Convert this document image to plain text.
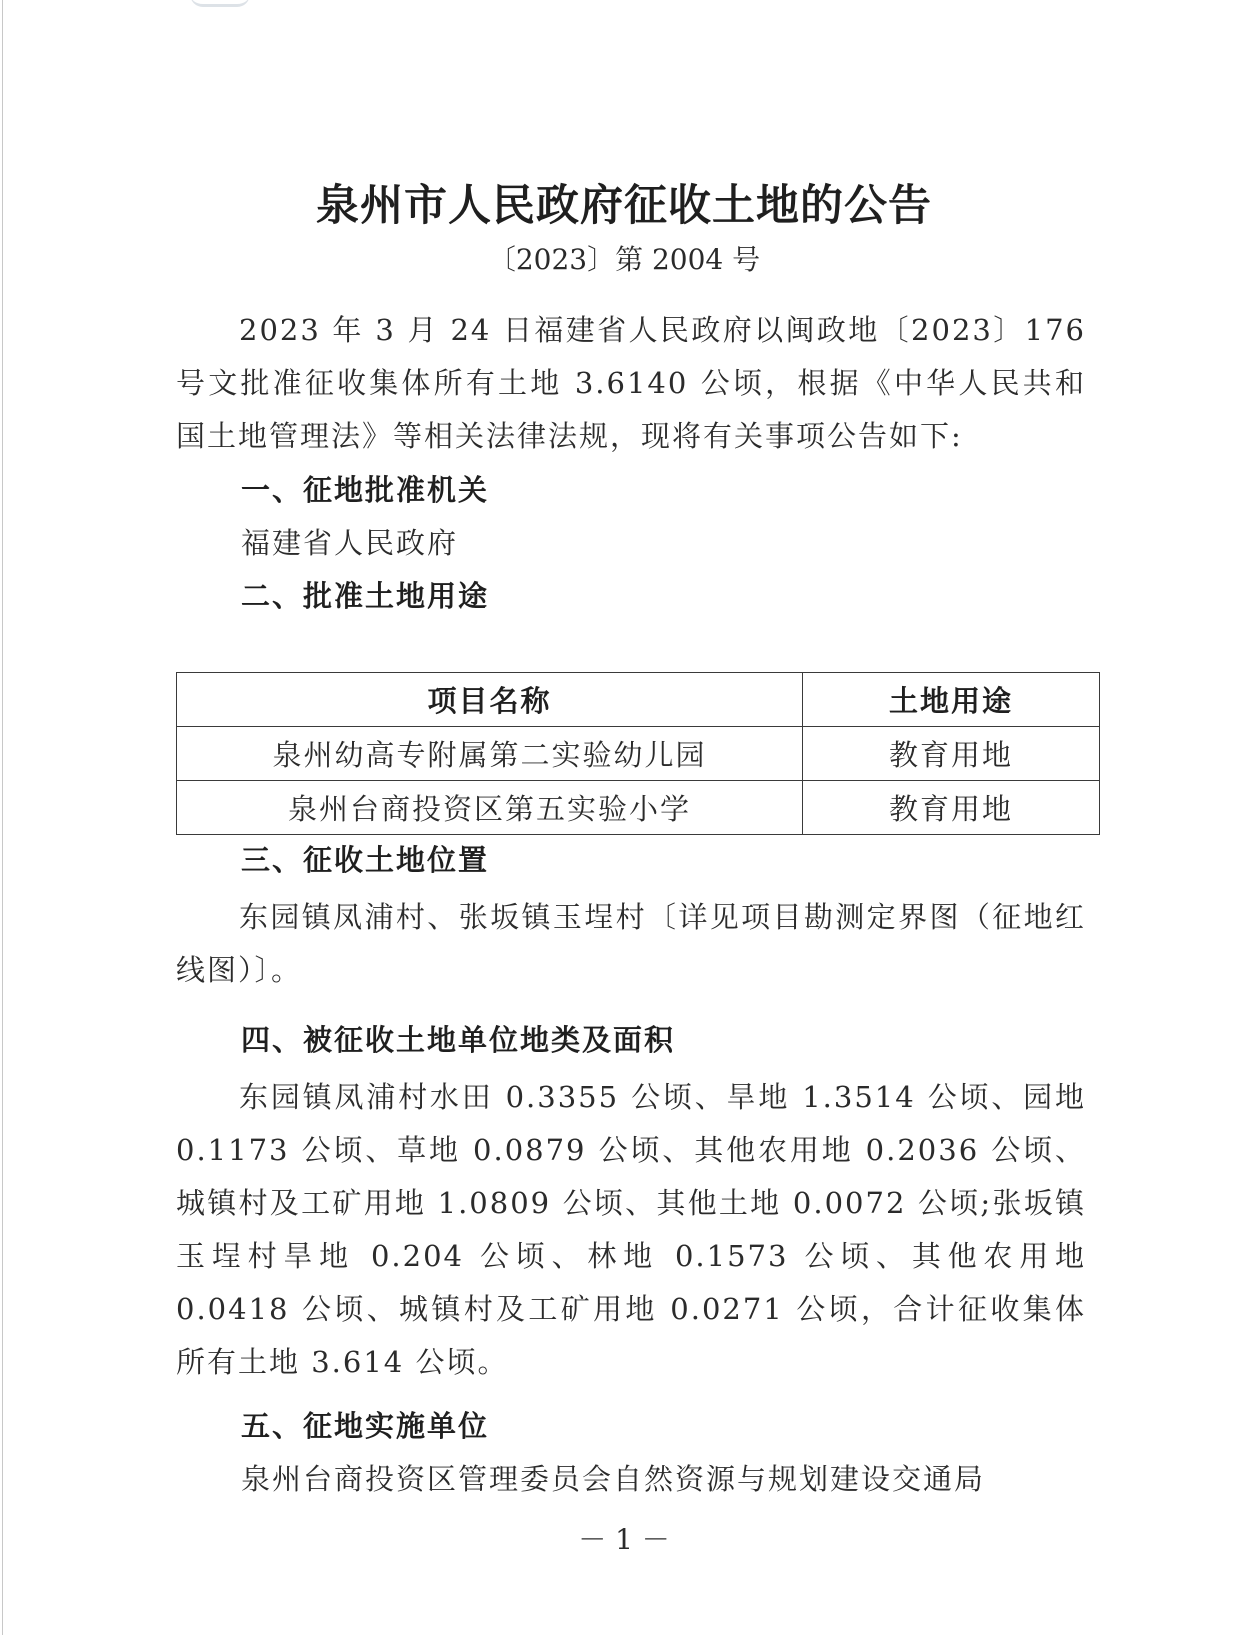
泉州市人民政府征收土地的公告
〔2023〕第 2004 号

2023 年 3 月 24 日福建省人民政府以闽政地〔2023〕176 号文批准征收集体所有土地 3.6140 公顷，根据《中华人民共和国土地管理法》等相关法律法规，现将有关事项公告如下:

一、征地批准机关

福建省人民政府

二、批准土地用途

项目名称	土地用途
泉州幼高专附属第二实验幼儿园	教育用地
泉州台商投资区第五实验小学	教育用地

三、征收土地位置

东园镇凤浦村、张坂镇玉埕村〔详见项目勘测定界图（征地红线图）〕。

四、被征收土地单位地类及面积

东园镇凤浦村水田 0.3355 公顷、旱地 1.3514 公顷、园地 0.1173 公顷、草地 0.0879 公顷、其他农用地 0.2036 公顷、城镇村及工矿用地 1.0809 公顷、其他土地 0.0072 公顷;张坂镇玉埕村旱地 0.204 公顷、林地 0.1573 公顷、其他农用地 0.0418 公顷、城镇村及工矿用地 0.0271 公顷，合计征收集体所有土地 3.614 公顷。

五、征地实施单位

泉州台商投资区管理委员会自然资源与规划建设交通局

－ 1 －
